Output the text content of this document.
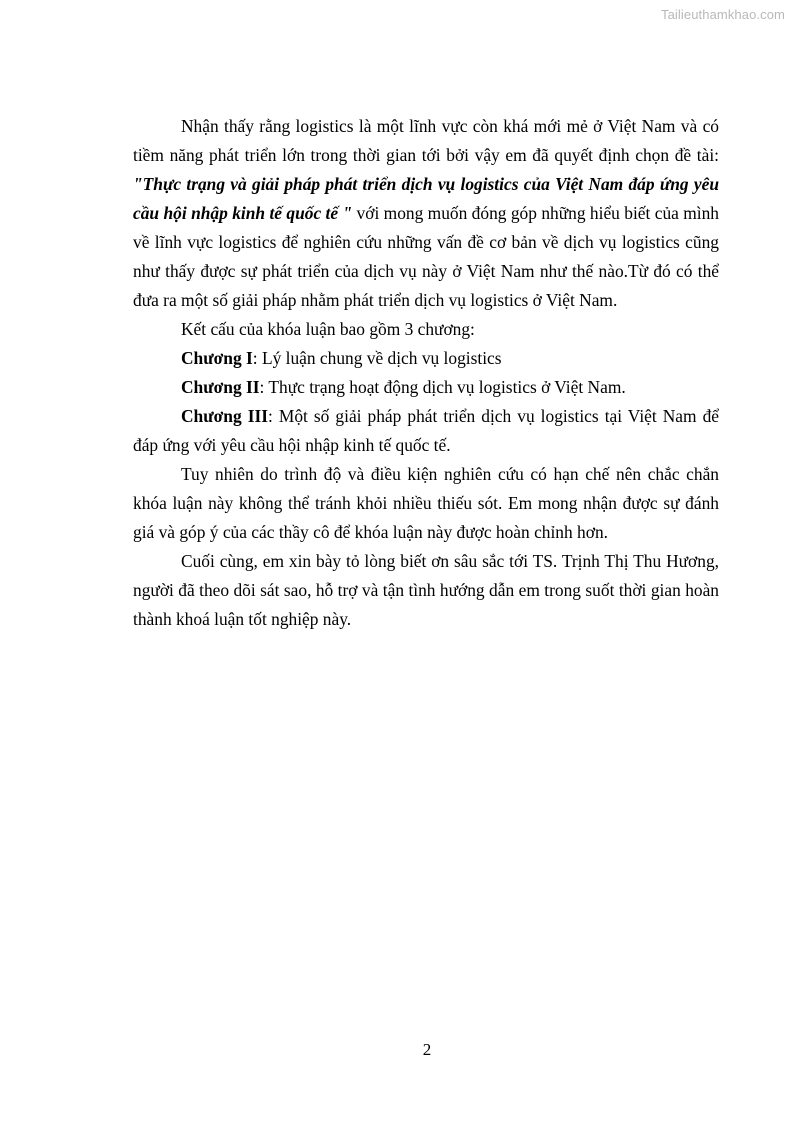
Tailieuthamkhao.com

Nhận thấy rằng logistics là một lĩnh vực còn khá mới mẻ ở Việt Nam và có tiềm năng phát triển lớn trong thời gian tới bởi vậy em đã quyết định chọn đề tài: "Thực trạng và giải pháp phát triển dịch vụ logistics của Việt Nam đáp ứng yêu cầu hội nhập kinh tế quốc tế " với mong muốn đóng góp những hiểu biết của mình về lĩnh vực logistics để nghiên cứu những vấn đề cơ bản về dịch vụ logistics cũng như thấy được sự phát triển của dịch vụ này ở Việt Nam như thế nào.Từ đó có thể đưa ra một số giải pháp nhằm phát triển dịch vụ logistics ở Việt Nam.

Kết cấu của khóa luận bao gồm 3 chương:

Chương I: Lý luận chung về dịch vụ logistics

Chương II: Thực trạng hoạt động dịch vụ logistics ở Việt Nam.

Chương III: Một số giải pháp phát triển dịch vụ logistics tại Việt Nam để đáp ứng với yêu cầu hội nhập kinh tế quốc tế.

Tuy nhiên do trình độ và điều kiện nghiên cứu có hạn chế nên chắc chắn khóa luận này không thể tránh khỏi nhiều thiếu sót. Em mong nhận được sự đánh giá và góp ý của các thầy cô để khóa luận này được hoàn chỉnh hơn.

Cuối cùng, em xin bày tỏ lòng biết ơn sâu sắc tới TS. Trịnh Thị Thu Hương, người đã theo dõi sát sao, hỗ trợ và tận tình hướng dẫn em trong suốt thời gian hoàn thành khoá luận tốt nghiệp này.

2
